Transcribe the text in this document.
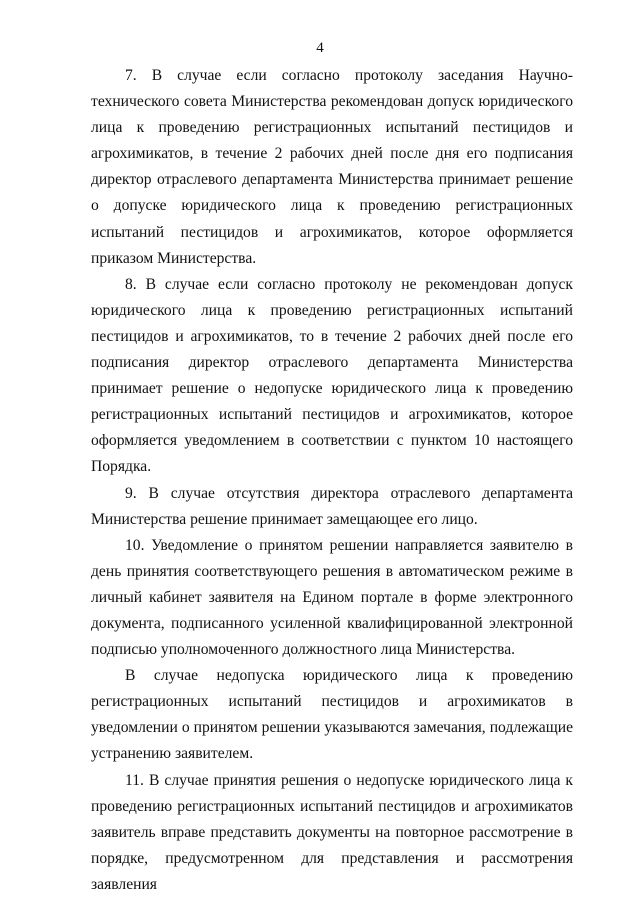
4

7. В случае если согласно протоколу заседания Научно-технического совета Министерства рекомендован допуск юридического лица к проведению регистрационных испытаний пестицидов и агрохимикатов, в течение 2 рабочих дней после дня его подписания директор отраслевого департамента Министерства принимает решение о допуске юридического лица к проведению регистрационных испытаний пестицидов и агрохимикатов, которое оформляется приказом Министерства.

8. В случае если согласно протоколу не рекомендован допуск юридического лица к проведению регистрационных испытаний пестицидов и агрохимикатов, то в течение 2 рабочих дней после его подписания директор отраслевого департамента Министерства принимает решение о недопуске юридического лица к проведению регистрационных испытаний пестицидов и агрохимикатов, которое оформляется уведомлением в соответствии с пунктом 10 настоящего Порядка.

9. В случае отсутствия директора отраслевого департамента Министерства решение принимает замещающее его лицо.

10. Уведомление о принятом решении направляется заявителю в день принятия соответствующего решения в автоматическом режиме в личный кабинет заявителя на Едином портале в форме электронного документа, подписанного усиленной квалифицированной электронной подписью уполномоченного должностного лица Министерства.

В случае недопуска юридического лица к проведению регистрационных испытаний пестицидов и агрохимикатов в уведомлении о принятом решении указываются замечания, подлежащие устранению заявителем.

11. В случае принятия решения о недопуске юридического лица к проведению регистрационных испытаний пестицидов и агрохимикатов заявитель вправе представить документы на повторное рассмотрение в порядке, предусмотренном для представления и рассмотрения заявления
